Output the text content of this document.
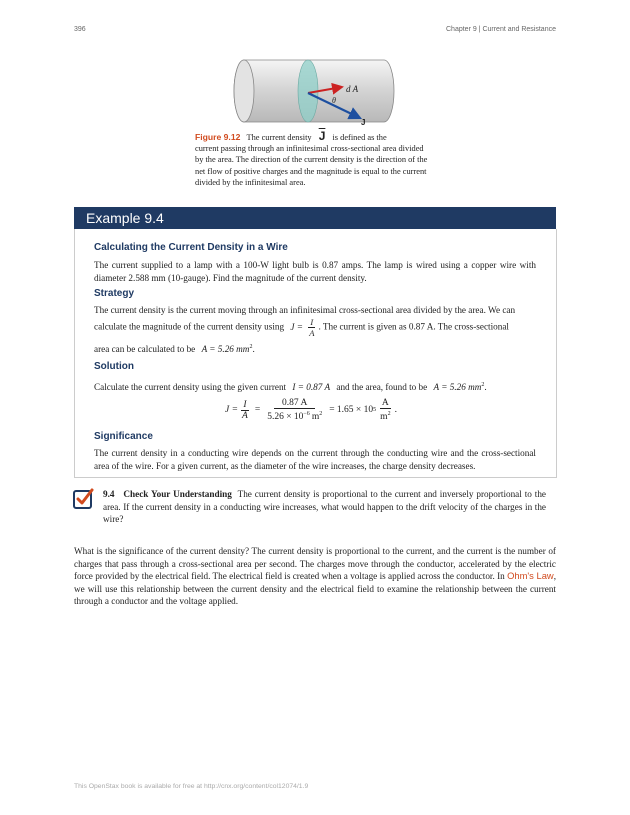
396	Chapter 9 | Current and Resistance
d A
θ
J
Figure 9.12 The current density $\overline{J}$ is defined as the
current passing through an infinitesimal cross-sectional area divided by the area. The direction of the current density is the direction of the net flow of positive charges and the magnitude is equal to the current divided by the infinitesimal area.
Example 9.4
Calculating the Current Density in a Wire
The current supplied to a lamp with a 100-W light bulb is 0.87 amps. The lamp is wired using a copper wire with diameter 2.588 mm (10-gauge). Find the magnitude of the current density.
Strategy
The current density is the current moving through an infinitesimal cross-sectional area divided by the area. We can
calculate the magnitude of the current density using $J = \frac{I}{A}$ . The current is given as 0.87 A. The cross-sectional
area can be calculated to be A = 5.26 $mm^2$.
Solution
Calculate the current density using the given current I = 0.87 A and the area, found to be A = 5.26 $mm^2$.
$J = \frac{I}{A} = \frac{0.87 A}{5.26 \times 10^{-6} m^2} = 1.65 \times 10$ $5 \frac{A}{m^2}$ .
Significance
The current density in a conducting wire depends on the current through the conducting wire and the cross-sectional area of the wire. For a given current, as the diameter of the wire increases, the charge density decreases.
9.4 Check Your Understanding The current density is proportional to the current and inversely proportional to the area. If the current density in a conducting wire increases, what would happen to the drift velocity of the charges in the wire?
What is the significance of the current density? The current density is proportional to the current, and the current is the number of charges that pass through a cross-sectional area per second. The charges move through the conductor, accelerated by the electric force provided by the electrical field. The electrical field is created when a voltage is applied across the conductor. In Ohm's Law, we will use this relationship between the current density and the electrical field to examine the relationship between the current through a conductor and the voltage applied.
This OpenStax book is available for free at http://cnx.org/content/col12074/1.9
